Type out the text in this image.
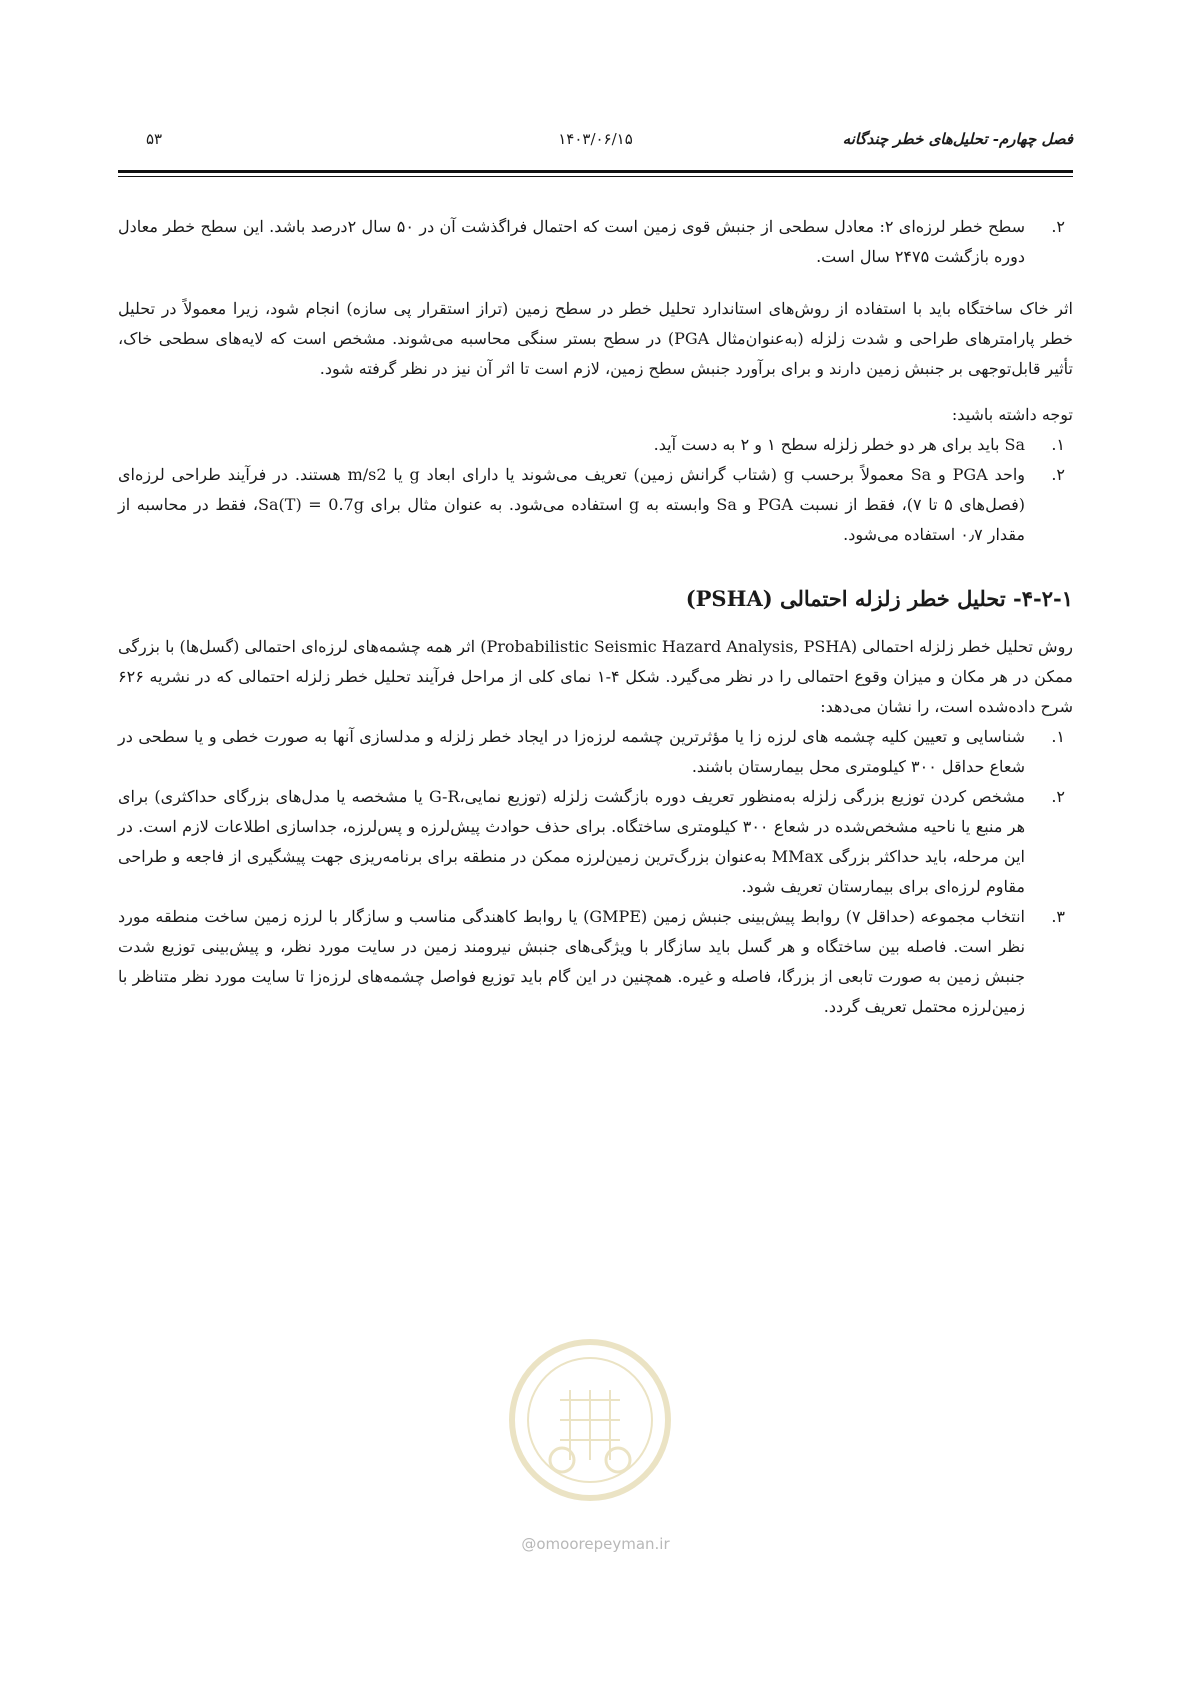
۵۳	۱۴۰۳/۰۶/۱۵	فصل چهارم- تحلیل‌های خطر چندگانه
۲.

سطح خطر لرزه‌ای ۲: معادل سطحی از جنبش قوی زمین است که احتمال فراگذشت آن در ۵۰ سال ۲درصد باشد. این سطح خطر معادل دوره بازگشت ۲۴۷۵ سال است.

اثر خاک ساختگاه باید با استفاده از روش‌های استاندارد تحلیل خطر در سطح زمین (تراز استقرار پی سازه) انجام شود، زیرا معمولاً در تحلیل خطر پارامترهای طراحی و شدت زلزله (به‌عنوان‌مثال PGA) در سطح بستر سنگی محاسبه می‌شوند. مشخص است که لایه‌های سطحی خاک، تأثیر قابل‌توجهی بر جنبش زمین دارند و برای برآورد جنبش سطح زمین، لازم است تا اثر آن نیز در نظر گرفته شود.

توجه داشته باشید:

۱.

Sa باید برای هر دو خطر زلزله سطح ۱ و ۲ به دست آید.

۲.

واحد PGA و Sa معمولاً برحسب g (شتاب گرانش زمین) تعریف می‌شوند یا دارای ابعاد g یا m/s2 هستند. در فرآیند طراحی لرزه‌ای (فصل‌های ۵ تا ۷)، فقط از نسبت PGA و Sa وابسته به g استفاده می‌شود. به عنوان مثال برای Sa(T) = 0.7g، فقط در محاسبه از مقدار ۰٫۷ استفاده می‌شود.

۴-۲-۱- تحلیل خطر زلزله احتمالی (PSHA)

روش تحلیل خطر زلزله احتمالی (Probabilistic Seismic Hazard Analysis, PSHA) اثر همه چشمه‌های لرزه‌ای احتمالی (گسل‌ها) با بزرگی ممکن در هر مکان و میزان وقوع احتمالی را در نظر می‌گیرد. شکل ۴-۱ نمای کلی از مراحل فرآیند تحلیل خطر زلزله احتمالی که در نشریه ۶۲۶ شرح داده‌شده است، را نشان می‌دهد:

۱.

شناسایی و تعیین کلیه چشمه های لرزه زا یا مؤثرترین چشمه لرزه‌زا در ایجاد خطر زلزله و مدلسازی آنها به صورت خطی و یا سطحی در شعاع حداقل ۳۰۰ کیلومتری محل بیمارستان باشند.

۲.

مشخص کردن توزیع بزرگی زلزله به‌منظور تعریف دوره بازگشت زلزله (توزیع نمایی،G-R یا مشخصه یا مدل‌های بزرگای حداکثری) برای هر منبع یا ناحیه مشخص‌شده در شعاع ۳۰۰ کیلومتری ساختگاه. برای حذف حوادث پیش‌لرزه و پس‌لرزه، جداسازی اطلاعات لازم است. در این مرحله، باید حداکثر بزرگی MMax به‌عنوان بزرگ‌ترین زمین‌لرزه ممکن در منطقه برای برنامه‌ریزی جهت پیشگیری از فاجعه و طراحی مقاوم لرزه‌ای برای بیمارستان تعریف شود.

۳.

انتخاب مجموعه (حداقل ۷) روابط پیش‌بینی جنبش زمین (GMPE) یا روابط کاهندگی مناسب و سازگار با لرزه زمین ساخت منطقه مورد نظر است. فاصله بین ساختگاه و هر گسل باید سازگار با ویژگی‌های جنبش نیرومند زمین در سایت مورد نظر، و پیش‌بینی توزیع شدت جنبش زمین به صورت تابعی از بزرگا، فاصله و غیره. همچنین در این گام باید توزیع فواصل چشمه‌های لرزه‌زا تا سایت مورد نظر متناظر با زمین‌لرزه محتمل تعریف گردد.

@omoorepeyman.ir
